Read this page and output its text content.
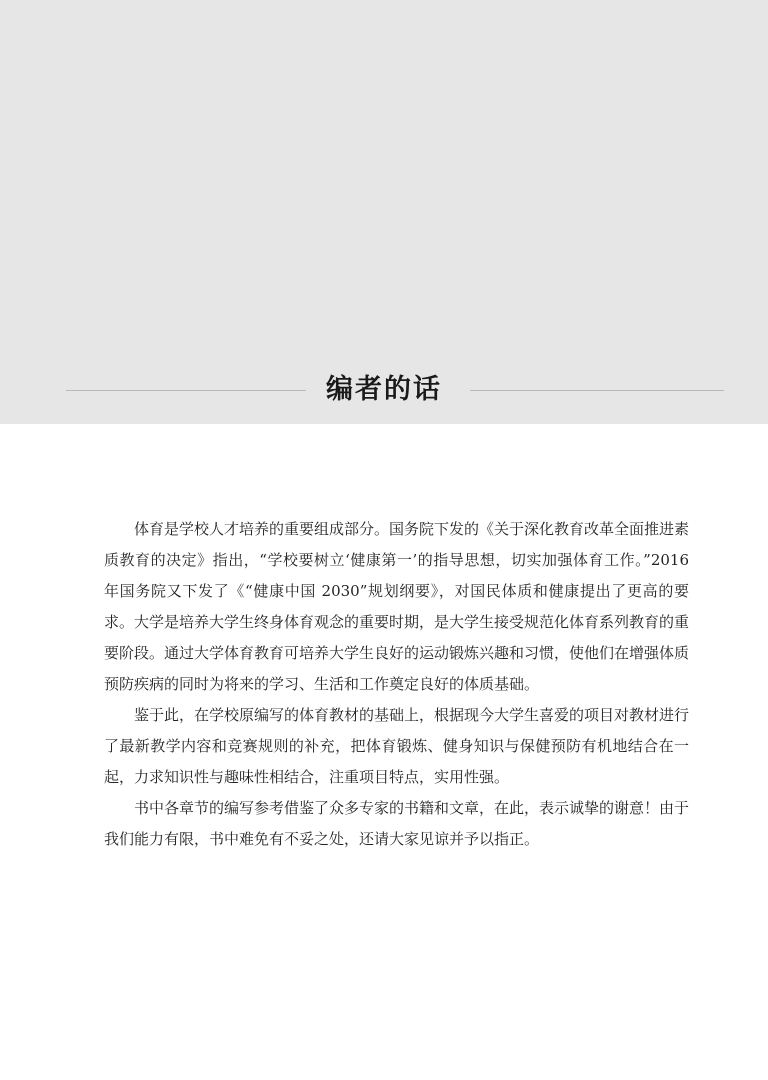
编者的话

体育是学校人才培养的重要组成部分。国务院下发的《关于深化教育改革全面推进素质教育的决定》指出，“学校要树立‘健康第一’的指导思想，切实加强体育工作。”2016 年国务院又下发了《“健康中国 2030”规划纲要》，对国民体质和健康提出了更高的要求。大学是培养大学生终身体育观念的重要时期，是大学生接受规范化体育系列教育的重要阶段。通过大学体育教育可培养大学生良好的运动锻炼兴趣和习惯，使他们在增强体质预防疾病的同时为将来的学习、生活和工作奠定良好的体质基础。

鉴于此，在学校原编写的体育教材的基础上，根据现今大学生喜爱的项目对教材进行了最新教学内容和竞赛规则的补充，把体育锻炼、健身知识与保健预防有机地结合在一起，力求知识性与趣味性相结合，注重项目特点，实用性强。

书中各章节的编写参考借鉴了众多专家的书籍和文章，在此，表示诚挚的谢意！由于我们能力有限，书中难免有不妥之处，还请大家见谅并予以指正。
